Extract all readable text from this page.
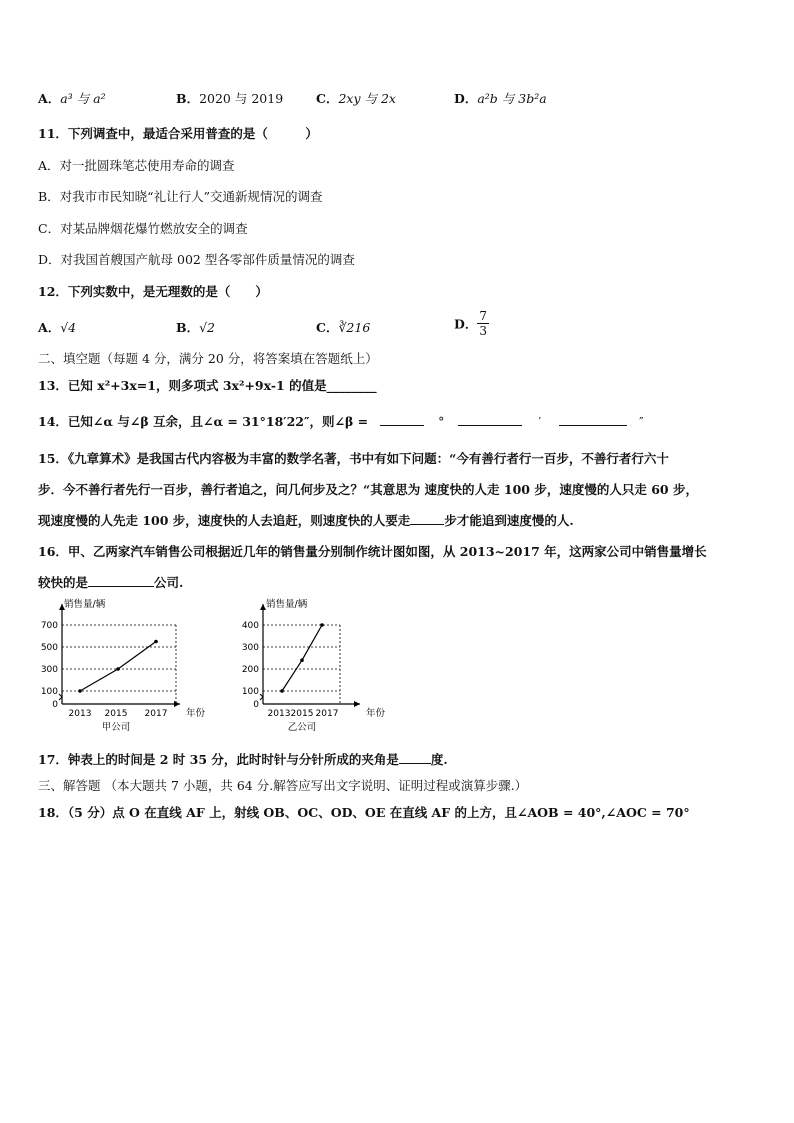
A．a³ 与 a²	B．2020 与 2019	C．2xy 与 2x	D．a²b 与 3b²a
11．下列调查中，最适合采用普查的是（　　　）
A．对一批圆珠笔芯使用寿命的调查
B．对我市市民知晓“礼让行人”交通新规情况的调查
C．对某品牌烟花爆竹燃放安全的调查
D．对我国首艘国产航母 002 型各零部件质量情况的调查
12．下列实数中，是无理数的是（　　）
A．√4	B．√2	C．∛216	D． $\frac{7}{3}$
二、填空题（每题 4 分，满分 20 分，将答案填在答题纸上）
13．已知 x²+3x=1，则多项式 3x²+9x-1 的值是________
14．已知∠α 与∠β 互余，且∠α = 31°18′22″，则∠β =	°	′	″
15．《九章算术》是我国古代内容极为丰富的数学名著，书中有如下问题：“今有善行者行一百步，不善行者行六十
步．今不善行者先行一百步，善行者追之，问几何步及之？“其意思为 速度快的人走 100 步，速度慢的人只走 60 步，
现速度慢的人先走 100 步，速度快的人去追赶，则速度快的人要走	步才能追到速度慢的人.
16．甲、乙两家汽车销售公司根据近几年的销售量分别制作统计图如图，从 2013~2017 年，这两家公司中销售量增长
较快的是	公司.
销售量/辆
年份
0
100
300
500
700
2013 2015 2017
甲公司
销售量/辆
年份
0
100
200
300
400
2013 2015 2017
乙公司
17．钟表上的时间是 2 时 35 分，此时时针与分针所成的夹角是	度.
三、解答题 （本大题共 7 小题，共 64 分.解答应写出文字说明、证明过程或演算步骤.）
18．（5 分）点 O 在直线 AF 上，射线 OB、OC、OD、OE 在直线 AF 的上方，且∠AOB = 40°,∠AOC = 70°
